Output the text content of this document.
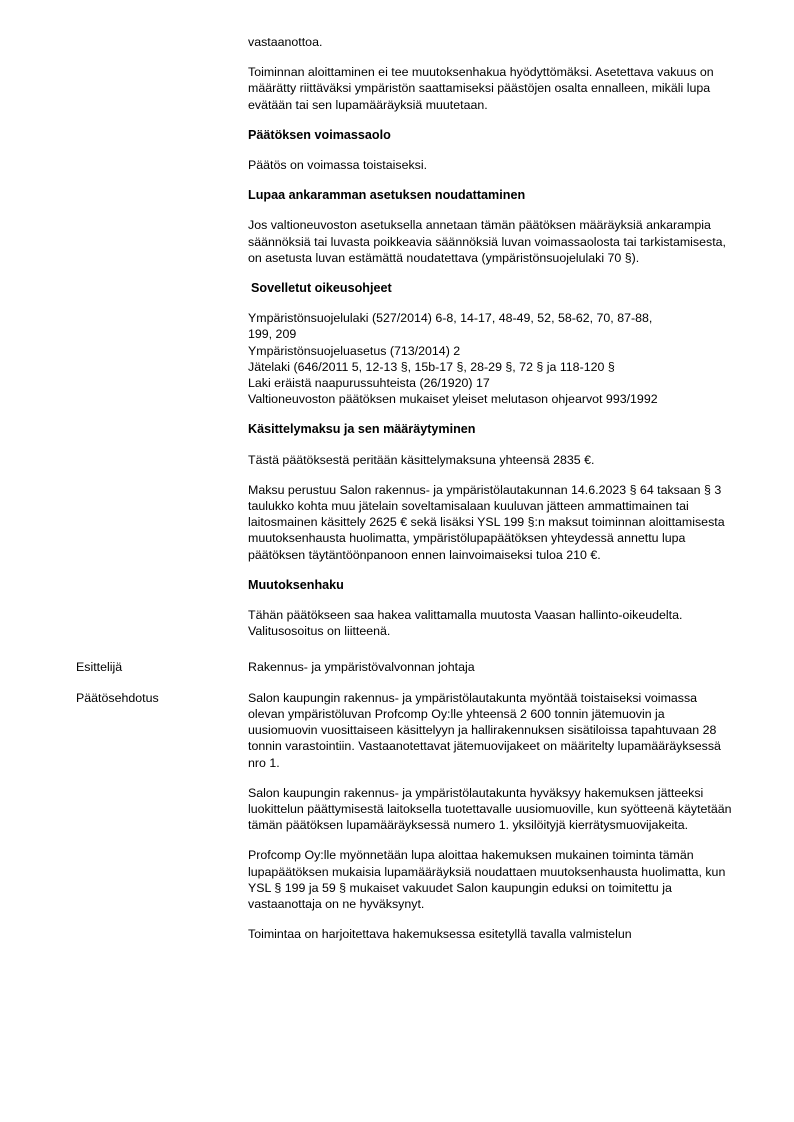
vastaanottoa.

Toiminnan aloittaminen ei tee muutoksenhakua hyödyttömäksi. Asetettava vakuus on määrätty riittäväksi ympäristön saattamiseksi päästöjen osalta ennalleen, mikäli lupa evätään tai sen lupamääräyksiä muutetaan.

Päätöksen voimassaolo

Päätös on voimassa toistaiseksi.

Lupaa ankaramman asetuksen noudattaminen

Jos valtioneuvoston asetuksella annetaan tämän päätöksen määräyksiä ankarampia säännöksiä tai luvasta poikkeavia säännöksiä luvan voimassaolosta tai tarkistamisesta, on asetusta luvan estämättä noudatettava (ympäristönsuojelulaki 70 §).

Sovelletut oikeusohjeet
Ympäristönsuojelulaki (527/2014) 6-8, 14-17, 48-49, 52, 58-62, 70, 87-88,
199, 209
Ympäristönsuojeluasetus (713/2014) 2
Jätelaki (646/2011 5, 12-13 §, 15b-17 §, 28-29 §, 72 § ja 118-120 §
Laki eräistä naapurussuhteista (26/1920) 17
Valtioneuvoston päätöksen mukaiset yleiset melutason ohjearvot 993/1992
Käsittelymaksu ja sen määräytyminen

Tästä päätöksestä peritään käsittelymaksuna yhteensä 2835 €.

Maksu perustuu Salon rakennus- ja ympäristölautakunnan 14.6.2023 § 64 taksaan § 3 taulukko kohta muu jätelain soveltamisalaan kuuluvan jätteen ammattimainen tai laitosmainen käsittely 2625 € sekä lisäksi YSL 199 §:n maksut toiminnan aloittamisesta muutoksenhausta huolimatta, ympäristölupapäätöksen yhteydessä annettu lupa päätöksen täytäntöönpanoon ennen lainvoimaiseksi tuloa 210 €.

Muutoksenhaku

Tähän päätökseen saa hakea valittamalla muutosta Vaasan hallinto-oikeudelta. Valitusosoitus on liitteenä.

Esittelijä	Rakennus- ja ympäristövalvonnan johtaja

Päätösehdotus	Salon kaupungin rakennus- ja ympäristölautakunta myöntää toistaiseksi voimassa olevan ympäristöluvan Profcomp Oy:lle yhteensä 2 600 tonnin jätemuovin ja uusiomuovin vuosittaiseen käsittelyyn ja hallirakennuksen sisätiloissa tapahtuvaan 28 tonnin varastointiin. Vastaanotettavat jätemuovijakeet on määritelty lupamääräyksessä nro 1.

Salon kaupungin rakennus- ja ympäristölautakunta hyväksyy hakemuksen jätteeksi luokittelun päättymisestä laitoksella tuotettavalle uusiomuoville, kun syötteenä käytetään tämän päätöksen lupamääräyksessä numero 1. yksilöityjä kierrätysmuovijakeita.

Profcomp Oy:lle myönnetään lupa aloittaa hakemuksen mukainen toiminta tämän lupapäätöksen mukaisia lupamääräyksiä noudattaen muutoksenhausta huolimatta, kun YSL § 199 ja 59 § mukaiset vakuudet Salon kaupungin eduksi on toimitettu ja vastaanottaja on ne hyväksynyt.

Toimintaa on harjoitettava hakemuksessa esitetyllä tavalla valmistelun
